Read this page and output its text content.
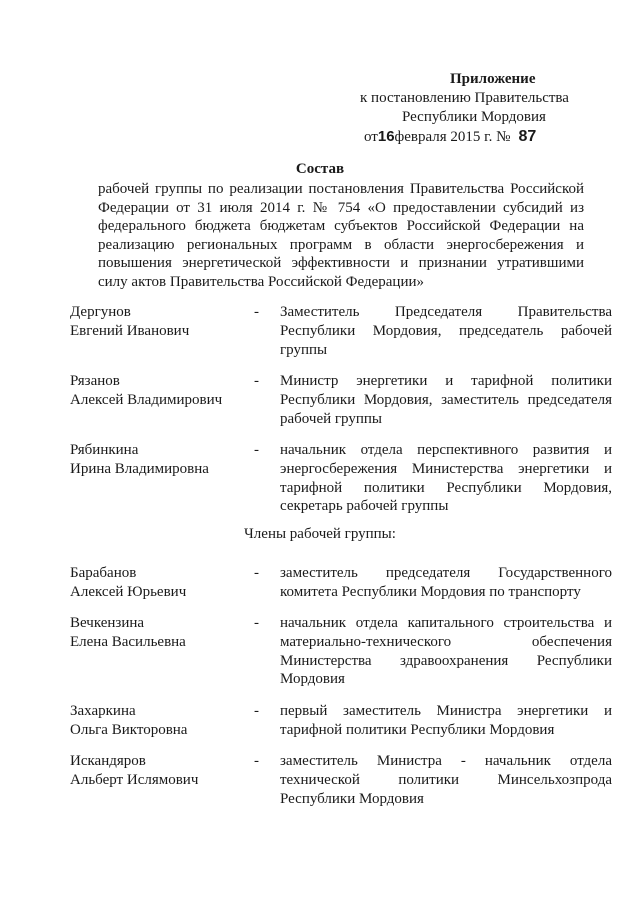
Приложение
к постановлению Правительства
Республики Мордовия
от16февраля 2015 г. № 87
Состав
рабочей группы по реализации постановления Правительства Российской Федерации от 31 июля 2014 г. № 754 «О предоставлении субсидий из федерального бюджета бюджетам субъектов Российской Федерации на реализацию региональных программ в области энергосбережения и повышения энергетической эффективности и признании утратившими силу актов Правительства Российской Федерации»
Дергунов
Евгений Иванович
-	Заместитель Председателя Правительства Республики Мордовия, председатель рабочей группы
Рязанов
Алексей Владимирович
-	Министр энергетики и тарифной политики Республики Мордовия, заместитель председателя рабочей группы
Рябинкина
Ирина Владимировна
-	начальник отдела перспективного развития и энергосбережения Министерства энергетики и тарифной политики Республики Мордовия, секретарь рабочей группы
Члены рабочей группы:
Барабанов
Алексей Юрьевич
-	заместитель председателя Государственного комитета Республики Мордовия по транспорту
Вечкензина
Елена Васильевна
-	начальник отдела капитального строительства и материально-технического обеспечения Министерства здравоохранения Республики Мордовия
Захаркина
Ольга Викторовна
-	первый заместитель Министра энергетики и тарифной политики Республики Мордовия
Искандяров
Альберт Ислямович
-	заместитель Министра - начальник отдела технической политики Минсельхозпрода Республики Мордовия
